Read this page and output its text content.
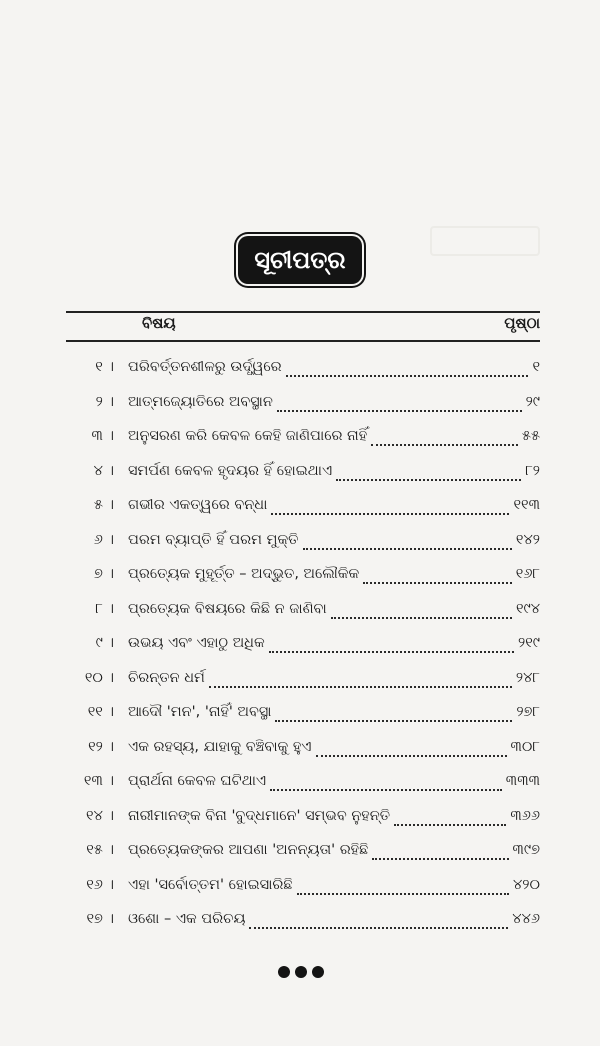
ସୂଚୀପତ୍ର
ବିଷୟ	ପୃଷ୍ଠା
୧ । ପରିବର୍ତ୍ତନଶୀଳରୁ ଉର୍ଦ୍ଧ୍ୱରେ	୧
୨ । ଆତ୍ମଜ୍ୟୋତିରେ ଅବସ୍ଥାନ	୨୯
୩ । ଅନୁସରଣ କରି କେବଳ କେହି ଜାଣିପାରେ ନାହିଁ	୫୫
୪ । ସମର୍ପଣ କେବଳ ହୃଦୟର ହିଁ ହୋଇଥାଏ	୮୨
୫ । ଗଭୀର ଏକତ୍ୱରେ ବନ୍ଧା	୧୧୩
୬ । ପରମ ବ୍ୟାପ୍ତି ହିଁ ପରମ ମୁକ୍ତି	୧୪୨
୭ । ପ୍ରତ୍ୟେକ ମୁହୂର୍ତ୍ତ – ଅଦ୍ଭୁତ, ଅଲୌକିକ	୧୬୮
୮ । ପ୍ରତ୍ୟେକ ବିଷୟରେ କିଛି ନ ଜାଣିବା	୧୯୪
୯ । ଉଭୟ ଏବଂ ଏହାଠୁ ଅଧିକ	୨୧୯
୧୦ । ଚିରନ୍ତନ ଧର୍ମ	୨୪୮
୧୧ । ଆଦୌ 'ମନ', 'ନାହିଁ' ଅବସ୍ଥା	୨୭୮
୧୨ । ଏକ ରହସ୍ୟ, ଯାହାକୁ ବଞ୍ଚିବାକୁ ହୁଏ	୩୦୮
୧୩ । ପ୍ରାର୍ଥନା କେବଳ ଘଟିଥାଏ	୩୩୩
୧୪ । ନାରୀମାନଙ୍କ ବିନା 'ବୁଦ୍ଧମାନେ' ସମ୍ଭବ ନୁହନ୍ତି	୩୬୬
୧୫ । ପ୍ରତ୍ୟେକଙ୍କର ଆପଣା 'ଅନନ୍ୟତା' ରହିଛି	୩୯୭
୧୬ । ଏହା 'ସର୍ବୋତ୍ତମ' ହୋଇସାରିଛି	୪୨୦
୧୭ । ଓଶୋ – ଏକ ପରିଚୟ	୪୪୬
